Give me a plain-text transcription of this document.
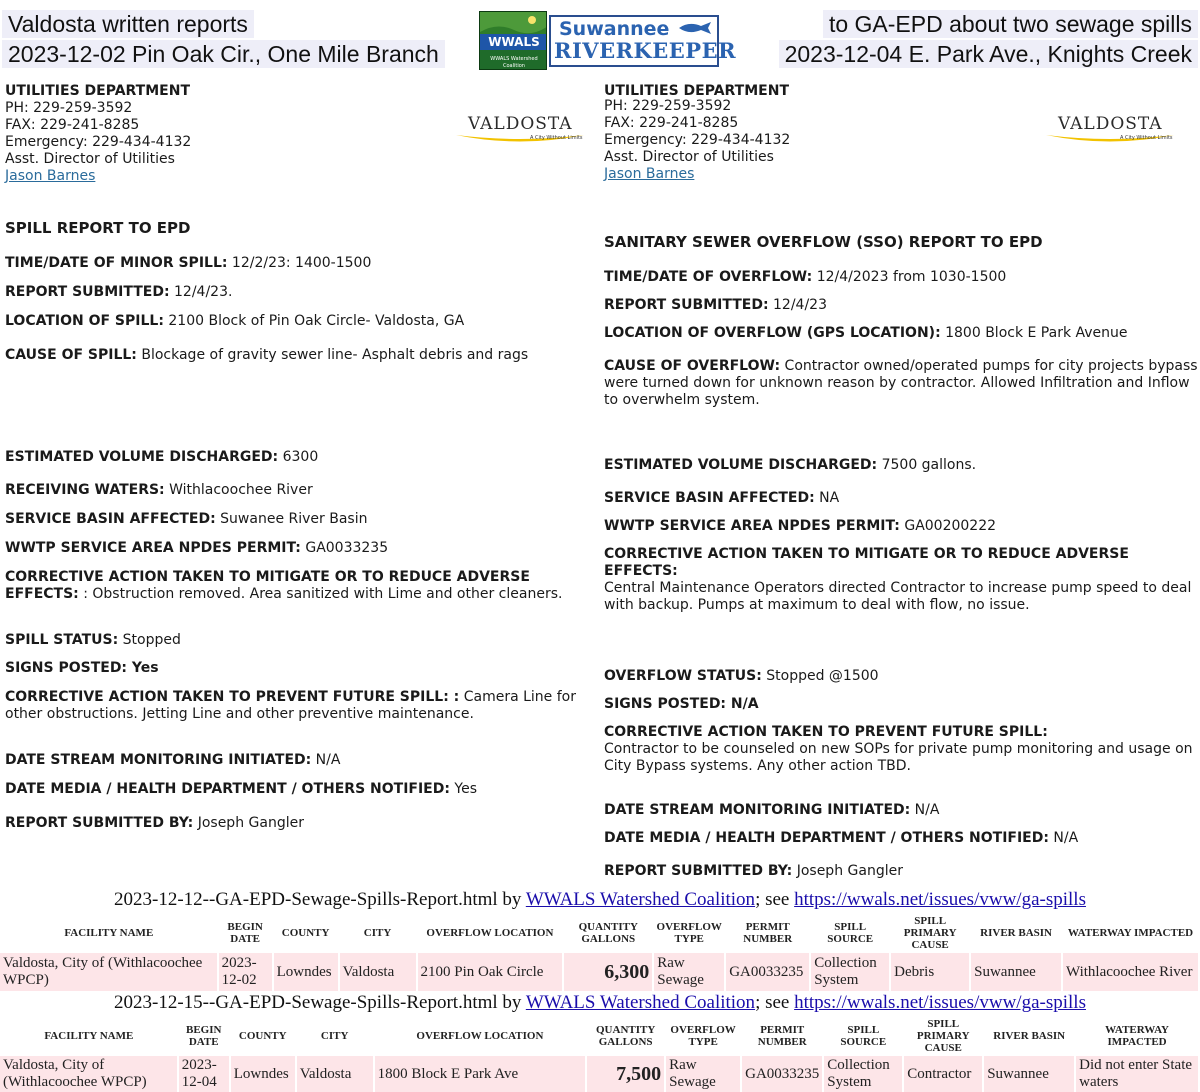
Valdosta written reports
2023-12-02 Pin Oak Cir., One Mile Branch
to GA-EPD about two sewage spills
2023-12-04 E. Park Ave., Knights Creek
WWALS
WWALS Watershed Coalition
Suwannee
RIVERKEEPER
UTILITIES DEPARTMENT
PH: 229-259-3592
FAX: 229-241-8285
Emergency: 229-434-4132
Asst. Director of Utilities
Jason Barnes
VALDOSTA
A City Without Limits
SPILL REPORT TO EPD
TIME/DATE OF MINOR SPILL: 12/2/23: 1400-1500
REPORT SUBMITTED: 12/4/23.
LOCATION OF SPILL: 2100 Block of Pin Oak Circle- Valdosta, GA
CAUSE OF SPILL: Blockage of gravity sewer line- Asphalt debris and rags
ESTIMATED VOLUME DISCHARGED: 6300
RECEIVING WATERS: Withlacoochee River
SERVICE BASIN AFFECTED: Suwanee River Basin
WWTP SERVICE AREA NPDES PERMIT: GA0033235
CORRECTIVE ACTION TAKEN TO MITIGATE OR TO REDUCE ADVERSE EFFECTS: : Obstruction removed. Area sanitized with Lime and other cleaners.
SPILL STATUS: Stopped
SIGNS POSTED: Yes
CORRECTIVE ACTION TAKEN TO PREVENT FUTURE SPILL: : Camera Line for other obstructions. Jetting Line and other preventive maintenance.
DATE STREAM MONITORING INITIATED: N/A
DATE MEDIA / HEALTH DEPARTMENT / OTHERS NOTIFIED: Yes
REPORT SUBMITTED BY: Joseph Gangler
UTILITIES DEPARTMENT
PH: 229-259-3592
FAX: 229-241-8285
Emergency: 229-434-4132
Asst. Director of Utilities
Jason Barnes
VALDOSTA
A City Without Limits
SANITARY SEWER OVERFLOW (SSO) REPORT TO EPD
TIME/DATE OF OVERFLOW: 12/4/2023 from 1030-1500
REPORT SUBMITTED: 12/4/23
LOCATION OF OVERFLOW (GPS LOCATION): 1800 Block E Park Avenue
CAUSE OF OVERFLOW: Contractor owned/operated pumps for city projects bypass were turned down for unknown reason by contractor. Allowed Infiltration and Inflow to overwhelm system.
ESTIMATED VOLUME DISCHARGED: 7500 gallons.
SERVICE BASIN AFFECTED: NA
WWTP SERVICE AREA NPDES PERMIT: GA00200222
CORRECTIVE ACTION TAKEN TO MITIGATE OR TO REDUCE ADVERSE EFFECTS:
Central Maintenance Operators directed Contractor to increase pump speed to deal with backup. Pumps at maximum to deal with flow, no issue.
OVERFLOW STATUS: Stopped @1500
SIGNS POSTED: N/A
CORRECTIVE ACTION TAKEN TO PREVENT FUTURE SPILL:
Contractor to be counseled on new SOPs for private pump monitoring and usage on City Bypass systems. Any other action TBD.
DATE STREAM MONITORING INITIATED: N/A
DATE MEDIA / HEALTH DEPARTMENT / OTHERS NOTIFIED: N/A
REPORT SUBMITTED BY: Joseph Gangler
2023-12-12--GA-EPD-Sewage-Spills-Report.html by WWALS Watershed Coalition; see https://wwals.net/issues/vww/ga-spills
FACILITY NAME	BEGIN DATE	COUNTY	CITY	OVERFLOW LOCATION	QUANTITY GALLONS	OVERFLOW TYPE	PERMIT NUMBER	SPILL SOURCE	SPILL PRIMARY CAUSE	RIVER BASIN	WATERWAY IMPACTED
Valdosta, City of (Withlacoochee WPCP)	2023-12-02	Lowndes	Valdosta	2100 Pin Oak Circle	6,300	Raw Sewage	GA0033235	Collection System	Debris	Suwannee	Withlacoochee River
2023-12-15--GA-EPD-Sewage-Spills-Report.html by WWALS Watershed Coalition; see https://wwals.net/issues/vww/ga-spills
FACILITY NAME	BEGIN DATE	COUNTY	CITY	OVERFLOW LOCATION	QUANTITY GALLONS	OVERFLOW TYPE	PERMIT NUMBER	SPILL SOURCE	SPILL PRIMARY CAUSE	RIVER BASIN	WATERWAY IMPACTED
Valdosta, City of (Withlacoochee WPCP)	2023-12-04	Lowndes	Valdosta	1800 Block E Park Ave	7,500	Raw Sewage	GA0033235	Collection System	Contractor	Suwannee	Did not enter State waters
